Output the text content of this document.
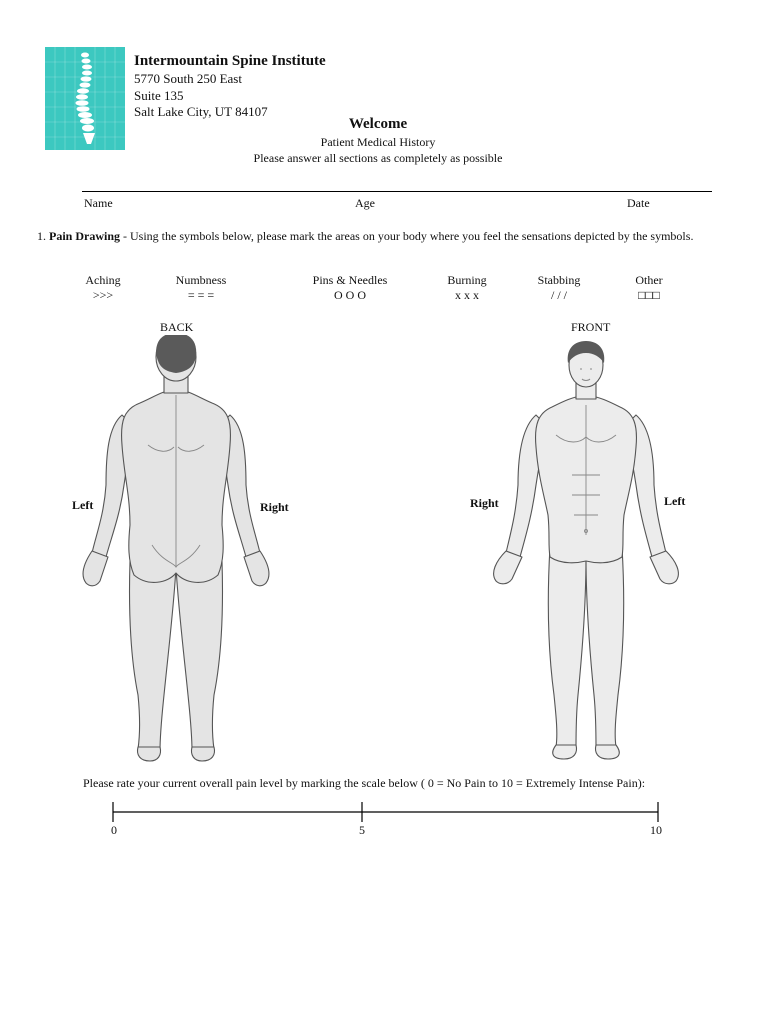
Intermountain Spine Institute
5770 South 250 East
Suite 135
Salt Lake City, UT 84107
Welcome
Patient Medical History
Please answer all sections as completely as possible
Name	Age	Date
1. Pain Drawing - Using the symbols below, please mark the areas on your body where you feel the sensations depicted by the symbols.
Aching
>>>
Numbness
= = =
Pins & Needles
O O O
Burning
x x x
Stabbing
/ / /
Other
□□□
BACK	FRONT
Left	Right	Right	Left
Please rate your current overall pain level by marking the scale below ( 0 = No Pain to 10 = Extremely Intense Pain):
0	5	10
